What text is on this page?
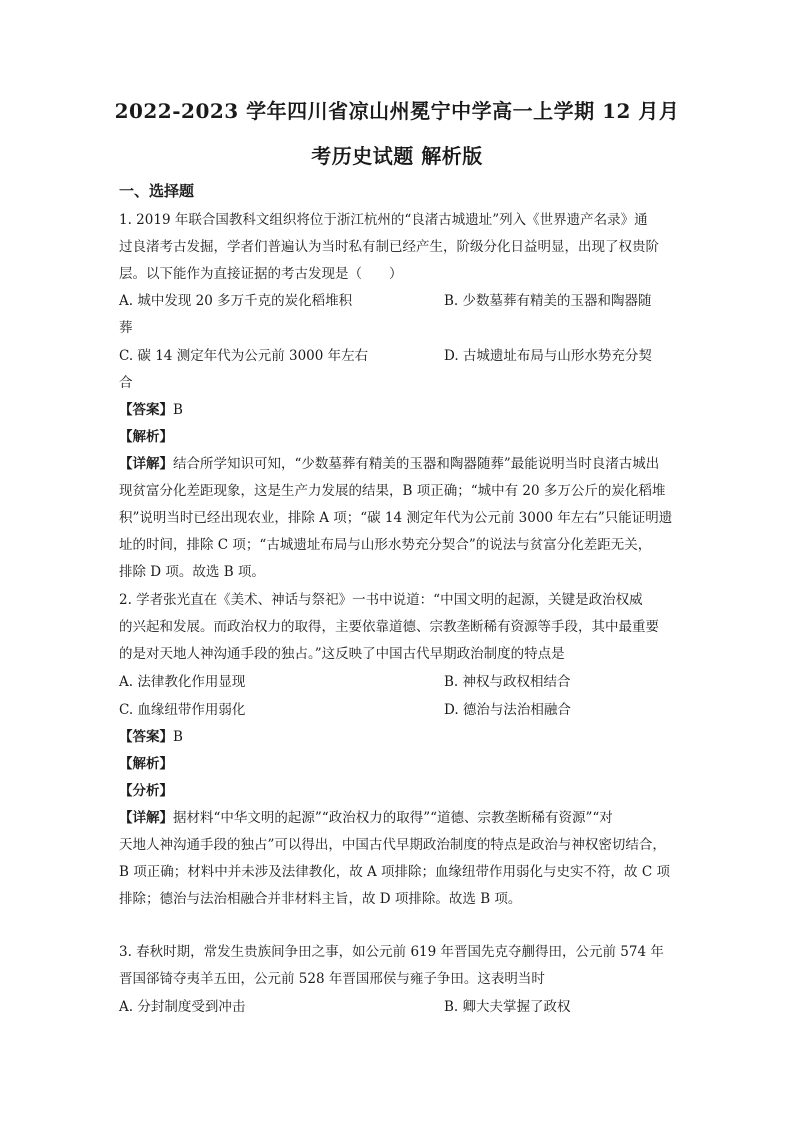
2022-2023 学年四川省凉山州冕宁中学高一上学期 12 月月
考历史试题 解析版
一、选择题
1. 2019 年联合国教科文组织将位于浙江杭州的“良渚古城遗址”列入《世界遗产名录》通
过良渚考古发掘，学者们普遍认为当时私有制已经产生，阶级分化日益明显，出现了权贵阶
层。以下能作为直接证据的考古发现是（　　）
A. 城中发现 20 多万千克的炭化稻堆积	B. 少数墓葬有精美的玉器和陶器随
葬
C. 碳 14 测定年代为公元前 3000 年左右	D. 古城遗址布局与山形水势充分契
合
【答案】B
【解析】
【详解】结合所学知识可知，“少数墓葬有精美的玉器和陶器随葬”最能说明当时良渚古城出
现贫富分化差距现象，这是生产力发展的结果，B 项正确；“城中有 20 多万公斤的炭化稻堆
积”说明当时已经出现农业，排除 A 项；“碳 14 测定年代为公元前 3000 年左右”只能证明遗
址的时间，排除 C 项；“古城遗址布局与山形水势充分契合”的说法与贫富分化差距无关，
排除 D 项。故选 B 项。
2. 学者张光直在《美术、神话与祭祀》一书中说道：“中国文明的起源，关键是政治权威
的兴起和发展。而政治权力的取得，主要依靠道德、宗教垄断稀有资源等手段，其中最重要
的是对天地人神沟通手段的独占。”这反映了中国古代早期政治制度的特点是
A. 法律教化作用显现	B. 神权与政权相结合
C. 血缘纽带作用弱化	D. 德治与法治相融合
【答案】B
【解析】
【分析】
【详解】据材料“中华文明的起源”“政治权力的取得”“道德、宗教垄断稀有资源”“对
天地人神沟通手段的独占”可以得出，中国古代早期政治制度的特点是政治与神权密切结合，
B 项正确；材料中并未涉及法律教化，故 A 项排除；血缘纽带作用弱化与史实不符，故 C 项
排除；德治与法治相融合并非材料主旨，故 D 项排除。故选 B 项。
3. 春秋时期，常发生贵族间争田之事，如公元前 619 年晋国先克夺蒯得田，公元前 574 年
晋国郤锜夺夷羊五田，公元前 528 年晋国邢侯与雍子争田。这表明当时
A. 分封制度受到冲击	B. 卿大夫掌握了政权
